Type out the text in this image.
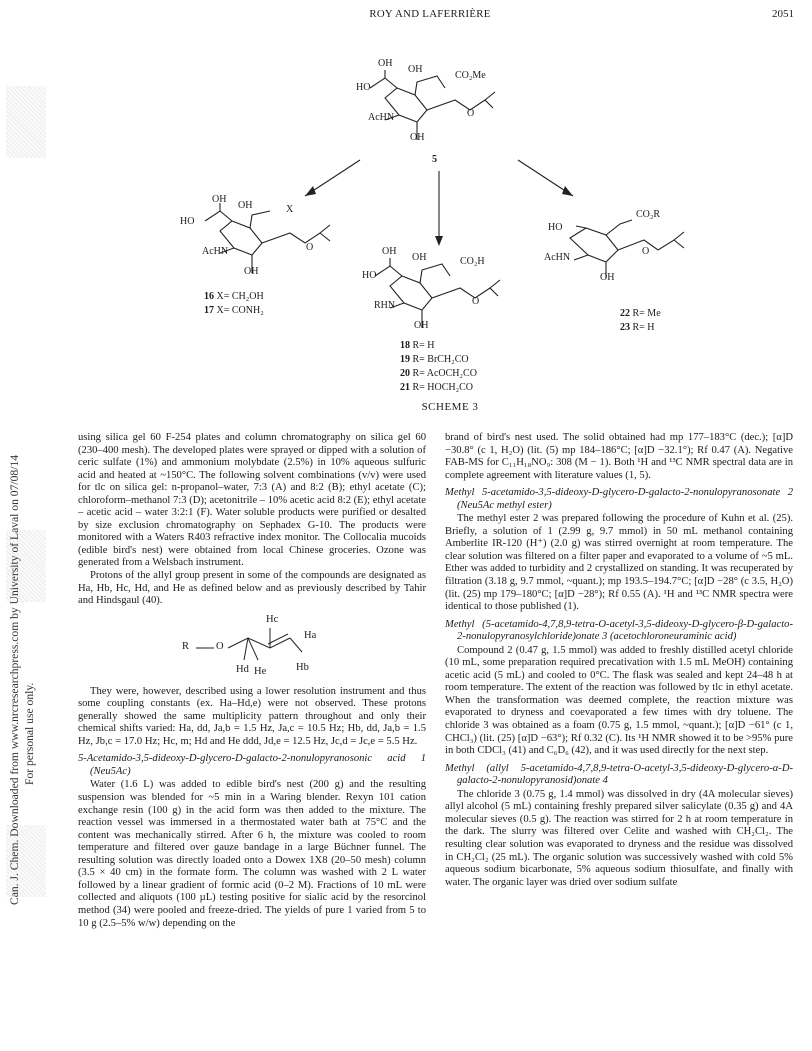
Can. J. Chem. Downloaded from www.nrcresearchpress.com by University of Laval on 07/08/14 For personal use only.
ROY AND LAFERRIÈRE	2051
OH
OH
HO
CO₂Me
AcHN	O
OH
5
OH
OH	X
HO
AcHN	O
OH
16 X= CH₂OH
17 X= CONH₂
CO₂R
HO
AcHN
O
OH
22 R= Me
23 R= H
OH
OH
HO
CO₂H
RHN	O
OH
18 R= H
19 R= BrCH₂CO
20 R= AcOCH₂CO
21 R= HOCH₂CO
SCHEME 3

using silica gel 60 F-254 plates and column chromatography on silica gel 60 (230–400 mesh). The developed plates were sprayed or dipped with a solution of ceric sulfate (1%) and ammonium molybdate (2.5%) in 10% aqueous sulfuric acid and heated at ~150°C. The following solvent combinations (v/v) were used for tlc on silica gel: n-propanol–water, 7:3 (A) and 8:2 (B); ethyl acetate (C); chloroform–methanol 7:3 (D); acetonitrile – 10% acetic acid 8:2 (E); ethyl acetate – acetic acid – water 3:2:1 (F). Water soluble products were purified or desalted by size exclusion chromatography on Sephadex G-10. The products were monitored with a Waters R403 refractive index monitor. The Collocalia mucoids (edible bird's nest) were obtained from local Chinese groceries. Ozone was generated from a Welsbach instrument.

Protons of the allyl group present in some of the compounds are designated as Ha, Hb, Hc, Hd, and He as defined below and as previously described by Tahir and Hindsgaul (40).

R	O
Hc
Ha
Hd He	Hb

They were, however, described using a lower resolution instrument and thus some coupling constants (ex. Ha–Hd,e) were not observed. These protons generally showed the same multiplicity pattern throughout and only their chemical shifts varied: Ha, dd, Ja,b = 1.5 Hz, Ja,c = 10.5 Hz; Hb, dd, Ja,b = 1.5 Hz, Jb,c = 17.0 Hz; Hc, m; Hd and He ddd, Jd,e = 12.5 Hz, Jc,d = Jc,e = 5.5 Hz.

5-Acetamido-3,5-dideoxy-D-glycero-D-galacto-2-nonulopyranosonic acid 1 (Neu5Ac)

Water (1.6 L) was added to edible bird's nest (200 g) and the resulting suspension was blended for ~5 min in a Waring blender. Rexyn 101 cation exchange resin (100 g) in the acid form was then added to the mixture. The reaction vessel was immersed in a thermostated water bath at 75°C and the content was mechanically stirred. After 6 h, the mixture was cooled to room temperature and filtered over gauze bandage in a large Büchner funnel. The resulting solution was directly loaded onto a Dowex 1X8 (20–50 mesh) column (3.5 × 40 cm) in the formate form. The column was washed with 2 L water followed by a linear gradient of formic acid (0–2 M). Fractions of 10 mL were collected and aliquots (100 µL) testing positive for sialic acid by the resorcinol method (34) were pooled and freeze-dried. The yields of pure 1 varied from 5 to 10 g (2.5–5% w/w) depending on the

brand of bird's nest used. The solid obtained had mp 177–183°C (dec.); [α]D −30.8° (c 1, H₂O) (lit. (5) mp 184–186°C; [α]D −32.1°); Rf 0.47 (A). Negative FAB-MS for C₁₁H₁₈NO₉: 308 (M − 1). Both ¹H and ¹³C NMR spectral data are in complete agreement with literature values (1, 5).

Methyl 5-acetamido-3,5-dideoxy-D-glycero-D-galacto-2-nonulopyranosonate 2 (Neu5Ac methyl ester)

The methyl ester 2 was prepared following the procedure of Kuhn et al. (25). Briefly, a solution of 1 (2.99 g, 9.7 mmol) in 50 mL methanol containing Amberlite IR-120 (H⁺) (2.0 g) was stirred overnight at room temperature. The clear solution was filtered on a filter paper and evaporated to a volume of ~5 mL. Ether was added to turbidity and 2 crystallized on standing. It was recuperated by filtration (3.18 g, 9.7 mmol, ~quant.); mp 193.5–194.7°C; [α]D −28° (c 3.5, H₂O) (lit. (25) mp 179–180°C; [α]D −28°); Rf 0.55 (A). ¹H and ¹³C NMR spectra were identical to those published (1).

Methyl (5-acetamido-4,7,8,9-tetra-O-acetyl-3,5-dideoxy-D-glycero-β-D-galacto-2-nonulopyranosylchloride)onate 3 (acetochloroneuraminic acid)

Compound 2 (0.47 g, 1.5 mmol) was added to freshly distilled acetyl chloride (10 mL, some preparation required precativation with 1.5 mL MeOH) containing acetic acid (5 mL) and cooled to 0°C. The flask was sealed and kept 24–48 h at room temperature. The extent of the reaction was followed by tlc in ethyl acetate. When the transformation was deemed complete, the reaction mixture was evaporated to dryness and coevaporated a few times with dry toluene. The chloride 3 was obtained as a foam (0.75 g, 1.5 mmol, ~quant.); [α]D −61° (c 1, CHCl₃) (lit. (25) [α]D −63°); Rf 0.32 (C). Its ¹H NMR showed it to be >95% pure in both CDCl₃ (41) and C₆D₆ (42), and it was used directly for the next step.

Methyl (allyl 5-acetamido-4,7,8,9-tetra-O-acetyl-3,5-dideoxy-D-glycero-α-D-galacto-2-nonulopyranosid)onate 4

The chloride 3 (0.75 g, 1.4 mmol) was dissolved in dry (4A molecular sieves) allyl alcohol (5 mL) containing freshly prepared silver salicylate (0.35 g) and 4A molecular sieves (0.5 g). The reaction was stirred for 2 h at room temperature in the dark. The slurry was filtered over Celite and washed with CH₂Cl₂. The resulting clear solution was evaporated to dryness and the residue was dissolved in CH₂Cl₂ (25 mL). The organic solution was successively washed with cold 5% aqueous sodium bicarbonate, 5% aqueous sodium thiosulfate, and finally with water. The organic layer was dried over sodium sulfate
